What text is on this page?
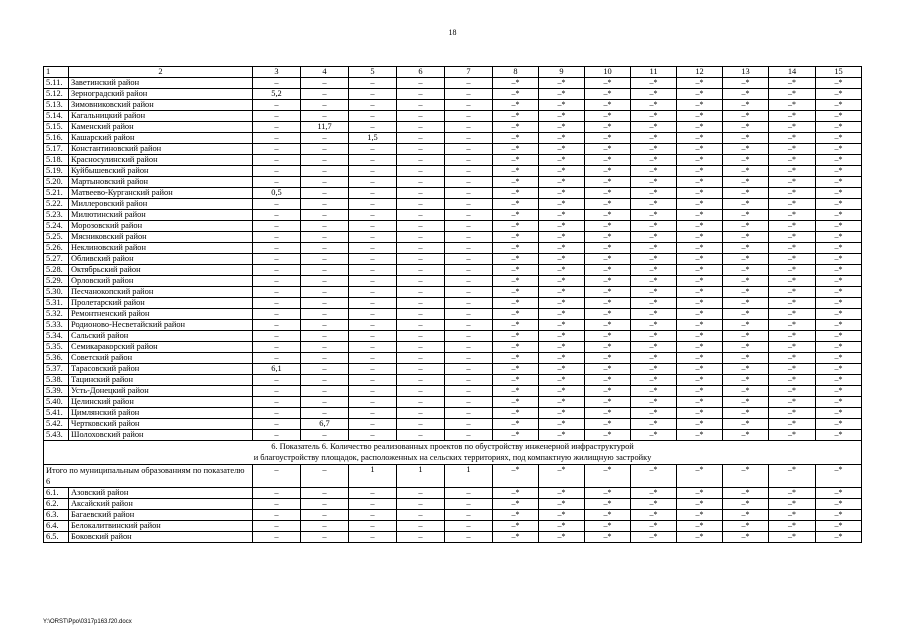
18
1	2	3	4	5	6	7	8	9	10	11	12	13	14	15
5.11.	Заветинский район	–	–	–	–	–	–*	–*	–*	–*	–*	–*	–*	–*
5.12.	Зерноградский район	5,2	–	–	–	–	–*	–*	–*	–*	–*	–*	–*	–*
5.13.	Зимовниковский район	–	–	–	–	–	–*	–*	–*	–*	–*	–*	–*	–*
5.14.	Кагальницкий район	–	–	–	–	–	–*	–*	–*	–*	–*	–*	–*	–*
5.15.	Каменский район	–	11,7	–	–	–	–*	–*	–*	–*	–*	–*	–*	–*
5.16.	Кашарский район	–	–	1,5	–	–	–*	–*	–*	–*	–*	–*	–*	–*
5.17.	Константиновский район	–	–	–	–	–	–*	–*	–*	–*	–*	–*	–*	–*
5.18.	Красносулинский район	–	–	–	–	–	–*	–*	–*	–*	–*	–*	–*	–*
5.19.	Куйбышевский район	–	–	–	–	–	–*	–*	–*	–*	–*	–*	–*	–*
5.20.	Мартыновский район	–	–	–	–	–	–*	–*	–*	–*	–*	–*	–*	–*
5.21.	Матвеево-Курганский район	0,5	–	–	–	–	–*	–*	–*	–*	–*	–*	–*	–*
5.22.	Миллеровский район	–	–	–	–	–	–*	–*	–*	–*	–*	–*	–*	–*
5.23.	Милютинский район	–	–	–	–	–	–*	–*	–*	–*	–*	–*	–*	–*
5.24.	Морозовский район	–	–	–	–	–	–*	–*	–*	–*	–*	–*	–*	–*
5.25.	Мясниковский район	–	–	–	–	–	–*	–*	–*	–*	–*	–*	–*	–*
5.26.	Неклиновский район	–	–	–	–	–	–*	–*	–*	–*	–*	–*	–*	–*
5.27.	Обливский район	–	–	–	–	–	–*	–*	–*	–*	–*	–*	–*	–*
5.28.	Октябрьский район	–	–	–	–	–	–*	–*	–*	–*	–*	–*	–*	–*
5.29.	Орловский район	–	–	–	–	–	–*	–*	–*	–*	–*	–*	–*	–*
5.30.	Песчанокопский район	–	–	–	–	–	–*	–*	–*	–*	–*	–*	–*	–*
5.31.	Пролетарский район	–	–	–	–	–	–*	–*	–*	–*	–*	–*	–*	–*
5.32.	Ремонтненский район	–	–	–	–	–	–*	–*	–*	–*	–*	–*	–*	–*
5.33.	Родионово-Несветайский район	–	–	–	–	–	–*	–*	–*	–*	–*	–*	–*	–*
5.34.	Сальский район	–	–	–	–	–	–*	–*	–*	–*	–*	–*	–*	–*
5.35.	Семикаракорский район	–	–	–	–	–	–*	–*	–*	–*	–*	–*	–*	–*
5.36.	Советский район	–	–	–	–	–	–*	–*	–*	–*	–*	–*	–*	–*
5.37.	Тарасовский район	6,1	–	–	–	–	–*	–*	–*	–*	–*	–*	–*	–*
5.38.	Тацинский район	–	–	–	–	–	–*	–*	–*	–*	–*	–*	–*	–*
5.39.	Усть-Донецкий район	–	–	–	–	–	–*	–*	–*	–*	–*	–*	–*	–*
5.40.	Целинский район	–	–	–	–	–	–*	–*	–*	–*	–*	–*	–*	–*
5.41.	Цимлянский район	–	–	–	–	–	–*	–*	–*	–*	–*	–*	–*	–*
5.42.	Чертковский район	–	6,7	–	–	–	–*	–*	–*	–*	–*	–*	–*	–*
5.43.	Шолоховский район	–	–	–	–	–	–*	–*	–*	–*	–*	–*	–*	–*

6. Показатель 6. Количество реализованных проектов по обустройству инженерной инфраструктурой
и благоустройству площадок, расположенных на сельских территориях, под компактную жилищную застройку														

Итого по муниципальным образованиям по показателю 6		–	–	1	1	1	–*	–*	–*	–*	–*	–*	–*	–*
6.1.	Азовский район	–	–	–	–	–	–*	–*	–*	–*	–*	–*	–*	–*
6.2.	Аксайский район	–	–	–	–	–	–*	–*	–*	–*	–*	–*	–*	–*
6.3.	Багаевский район	–	–	–	–	–	–*	–*	–*	–*	–*	–*	–*	–*
6.4.	Белокалитвинский район	–	–	–	–	–	–*	–*	–*	–*	–*	–*	–*	–*
6.5.	Боковский район	–	–	–	–	–	–*	–*	–*	–*	–*	–*	–*	–*
Y:\ORST\Ppo\0317p163.f20.docx
